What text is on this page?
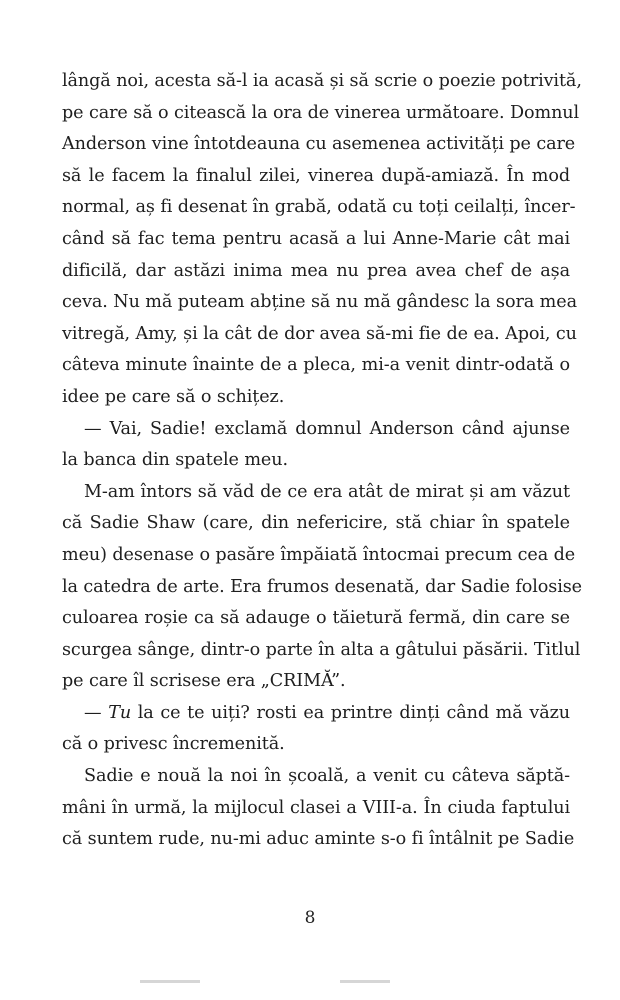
lângă noi, acesta să-l ia acasă și să scrie o poezie potrivită,
pe care să o citească la ora de vinerea următoare. Domnul
Anderson vine întotdeauna cu asemenea activități pe care
să le facem la finalul zilei, vinerea după-amiază. În mod
normal, aș fi desenat în grabă, odată cu toți ceilalți, încer-
când să fac tema pentru acasă a lui Anne-Marie cât mai
dificilă, dar astăzi inima mea nu prea avea chef de așa
ceva. Nu mă puteam abține să nu mă gândesc la sora mea
vitregă, Amy, și la cât de dor avea să-mi fie de ea. Apoi, cu
câteva minute înainte de a pleca, mi-a venit dintr-odată o
idee pe care să o schițez.
— Vai, Sadie! exclamă domnul Anderson când ajunse
la banca din spatele meu.
M-am întors să văd de ce era atât de mirat și am văzut
că Sadie Shaw (care, din nefericire, stă chiar în spatele
meu) desenase o pasăre împăiată întocmai precum cea de
la catedra de arte. Era frumos desenată, dar Sadie folosise
culoarea roșie ca să adauge o tăietură fermă, din care se
scurgea sânge, dintr-o parte în alta a gâtului păsării. Titlul
pe care îl scrisese era „CRIMĂ”.
— Tu la ce te uiți? rosti ea printre dinți când mă văzu
că o privesc încremenită.
Sadie e nouă la noi în școală, a venit cu câteva săptă-
mâni în urmă, la mijlocul clasei a VIII-a. În ciuda faptului
că suntem rude, nu-mi aduc aminte s-o fi întâlnit pe Sadie
8
